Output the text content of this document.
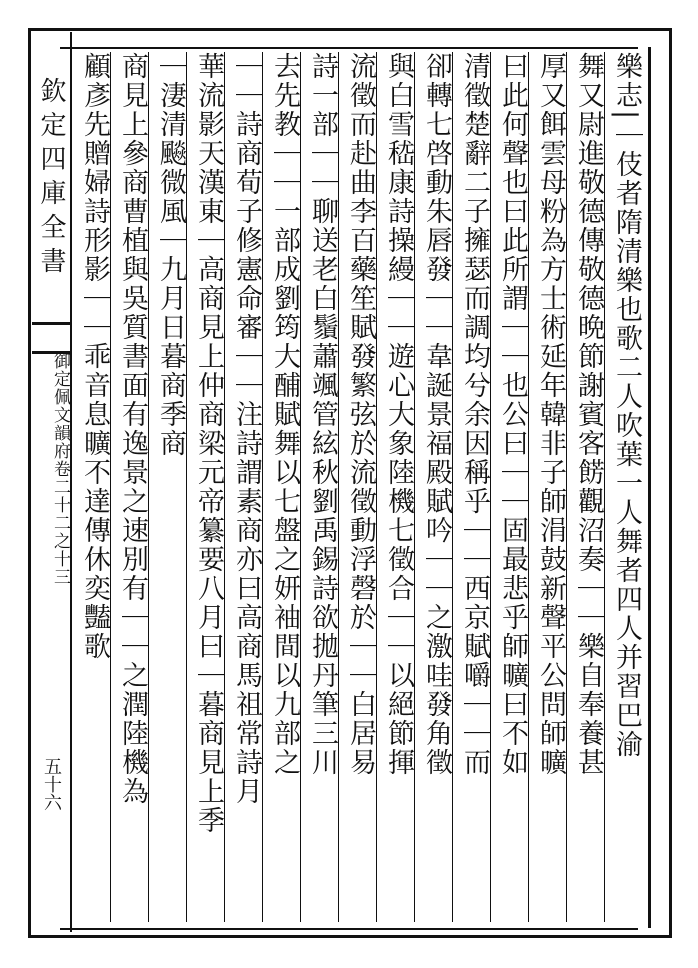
欽定四庫全書
御定佩文韻府卷二十二之十三
五十六
樂志|｜伎者隋清樂也歌二人吹葉一人舞者四人并習巴渝
舞又尉進敬德傳敬德晩節謝賓客餝觀沼奏｜｜樂自奉養甚
厚又餌雲母粉為方士術延年韓非子師涓鼓新聲平公問師曠
曰此何聲也曰此所謂｜｜也公曰｜｜固最悲乎師曠曰不如
清徵楚辭二子擁瑟而調均兮余因稱乎｜｜西京賦嚼｜｜而
卻轉七啓動朱唇發｜｜韋誕景福殿賦吟｜｜之激哇發角徵
與白雪嵇康詩操縵｜｜遊心大象陸機七徵合｜｜以絕節揮
流徵而赴曲李百藥笙賦發繁弦於流徵動浮磬於｜｜白居易
詩一部｜｜聊送老白鬚蕭颯管絃秋劉禹錫詩欲拋丹筆三川
去先教｜｜一部成劉筠大酺賦舞以七盤之妍袖間以九部之
｜｜詩商荀子修憲命審｜｜注詩謂素商亦曰高商馬祖常詩月
華流影天漢東｜高商見上仲商梁元帝纂要八月曰｜暮商見上季
｜淒清飈微風｜九月日暮商季商
商見上參商曹植與吳質書面有逸景之速別有｜｜之潤陸機為
顧彥先贈婦詩形影｜｜乖音息曠不達傳休奕豔歌
